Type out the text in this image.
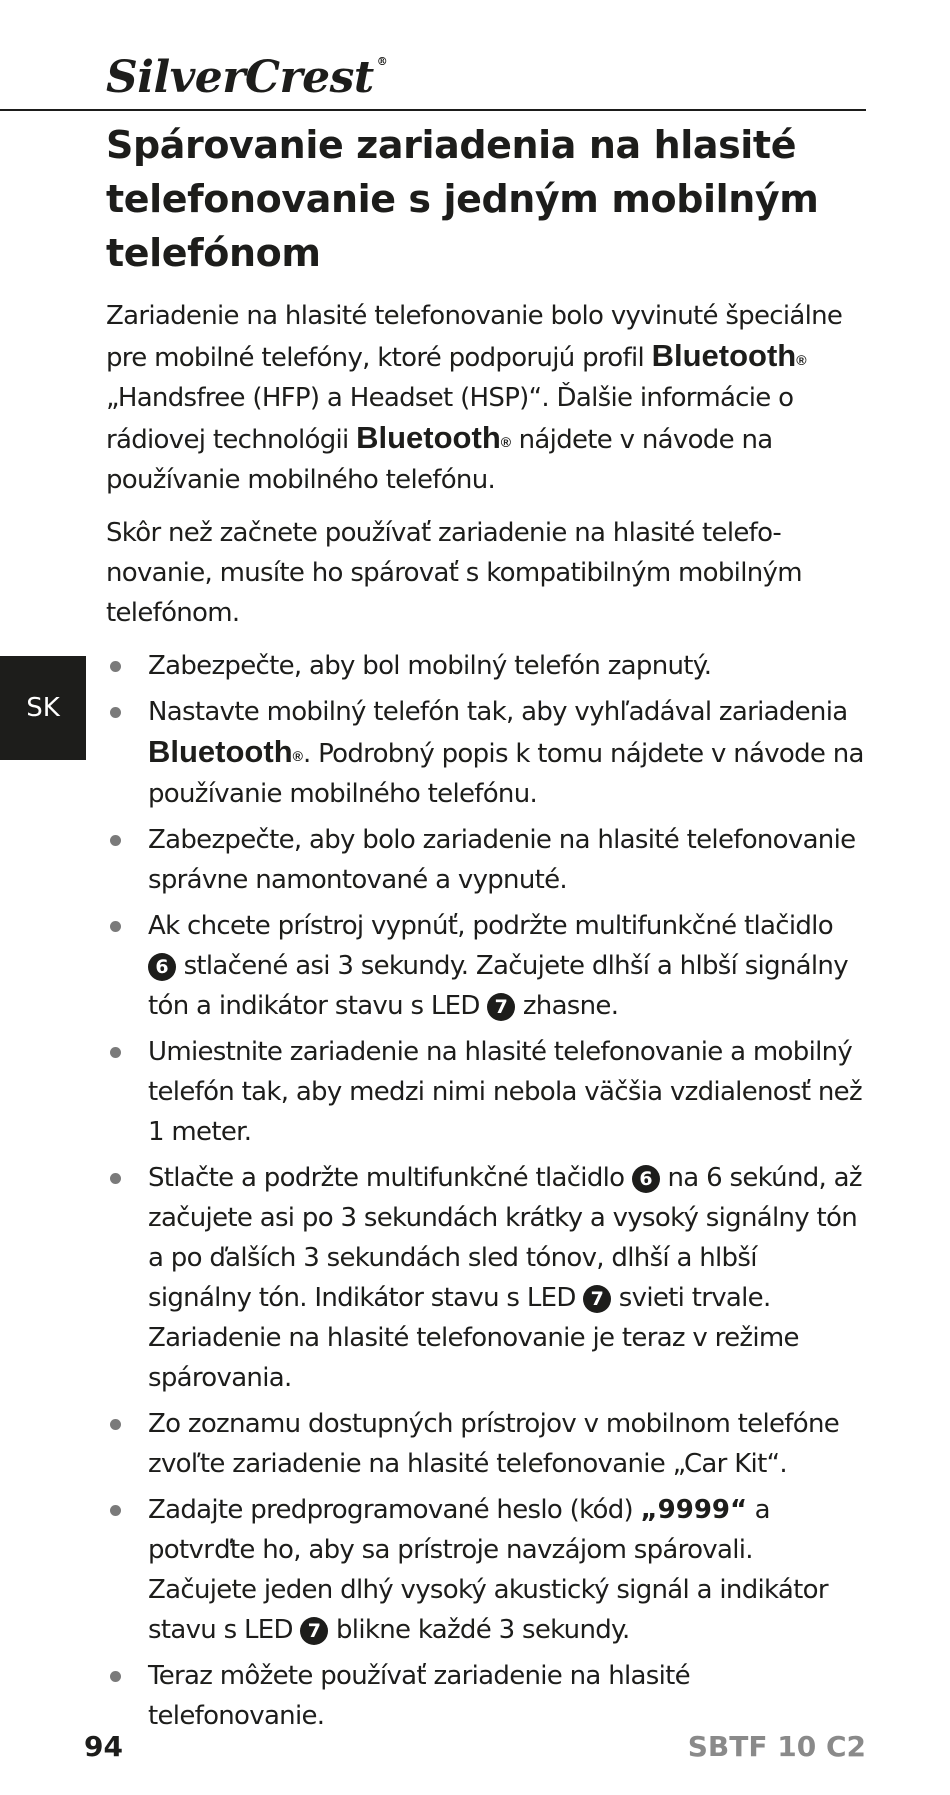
SilverCrest ®
Spárovanie zariadenia na hlasité telefonovanie s jedným mobilným telefónom

Zariadenie na hlasité telefonovanie bolo vyvinuté špeciálne pre mobilné telefóny, ktoré podporujú profil Bluetooth® „Handsfree (HFP) a Headset (HSP)“. Ďalšie informácie o rádiovej technológii Bluetooth® nájdete v návode na používanie mobilného telefónu.

Skôr než začnete používať zariadenie na hlasité telefonovanie, musíte ho spárovať s kompatibilným mobilným telefónom.

Zabezpečte, aby bol mobilný telefón zapnutý.
Nastavte mobilný telefón tak, aby vyhľadával zariadenia Bluetooth®. Podrobný popis k tomu nájdete v návode na používanie mobilného telefónu.
Zabezpečte, aby bolo zariadenie na hlasité telefonovanie správne namontované a vypnuté.
Ak chcete prístroj vypnúť, podržte multifunkčné tlačidlo 6 stlačené asi 3 sekundy. Začujete dlhší a hlbší signálny tón a indikátor stavu s LED 7 zhasne.
Umiestnite zariadenie na hlasité telefonovanie a mobilný telefón tak, aby medzi nimi nebola väčšia vzdialenosť než 1 meter.
Stlačte a podržte multifunkčné tlačidlo 6 na 6 sekúnd, až začujete asi po 3 sekundách krátky a vysoký signálny tón a po ďalších 3 sekundách sled tónov, dlhší a hlbší signálny tón. Indikátor stavu s LED 7 svieti trvale. Zariadenie na hlasité telefonovanie je teraz v režime spárovania.
Zo zoznamu dostupných prístrojov v mobilnom telefóne zvoľte zariadenie na hlasité telefonovanie „Car Kit“.
Zadajte predprogramované heslo (kód) „9999“ a potvrďte ho, aby sa prístroje navzájom spárovali. Začujete jeden dlhý vysoký akustický signál a indikátor stavu s LED 7 blikne každé 3 sekundy.
Teraz môžete používať zariadenie na hlasité telefonovanie.
SK
94	SBTF 10 C2
